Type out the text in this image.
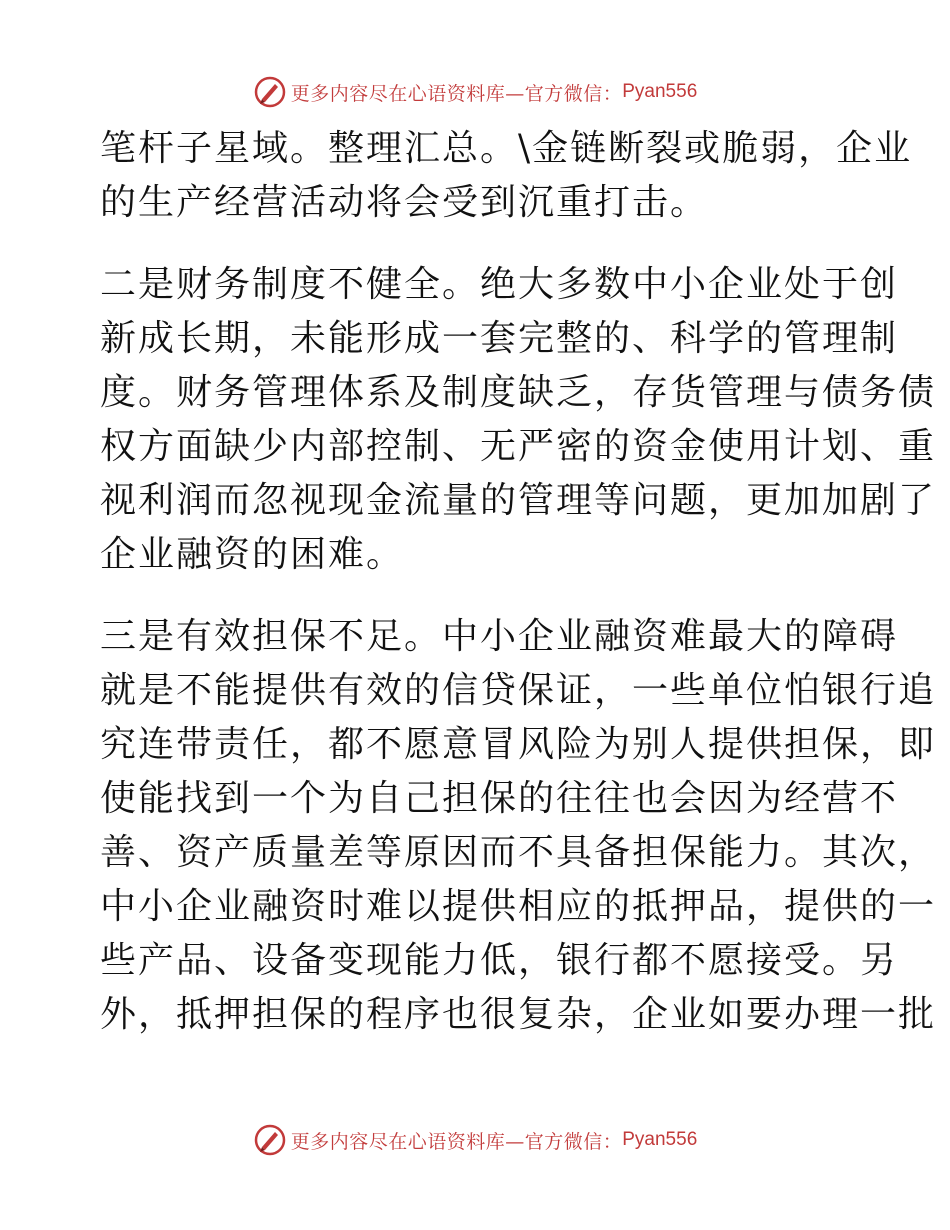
更多内容尽在心语资料库—官方微信： Pyan556

笔杆子星域。整理汇总。\金链断裂或脆弱，企业
的生产经营活动将会受到沉重打击。

二是财务制度不健全。绝大多数中小企业处于创
新成长期，未能形成一套完整的、科学的管理制
度。财务管理体系及制度缺乏，存货管理与债务债
权方面缺少内部控制、无严密的资金使用计划、重
视利润而忽视现金流量的管理等问题，更加加剧了
企业融资的困难。

三是有效担保不足。中小企业融资难最大的障碍
就是不能提供有效的信贷保证，一些单位怕银行追
究连带责任，都不愿意冒风险为别人提供担保，即
使能找到一个为自己担保的往往也会因为经营不
善、资产质量差等原因而不具备担保能力。其次，
中小企业融资时难以提供相应的抵押品，提供的一
些产品、设备变现能力低，银行都不愿接受。另
外，抵押担保的程序也很复杂，企业如要办理一批

更多内容尽在心语资料库—官方微信： Pyan556
